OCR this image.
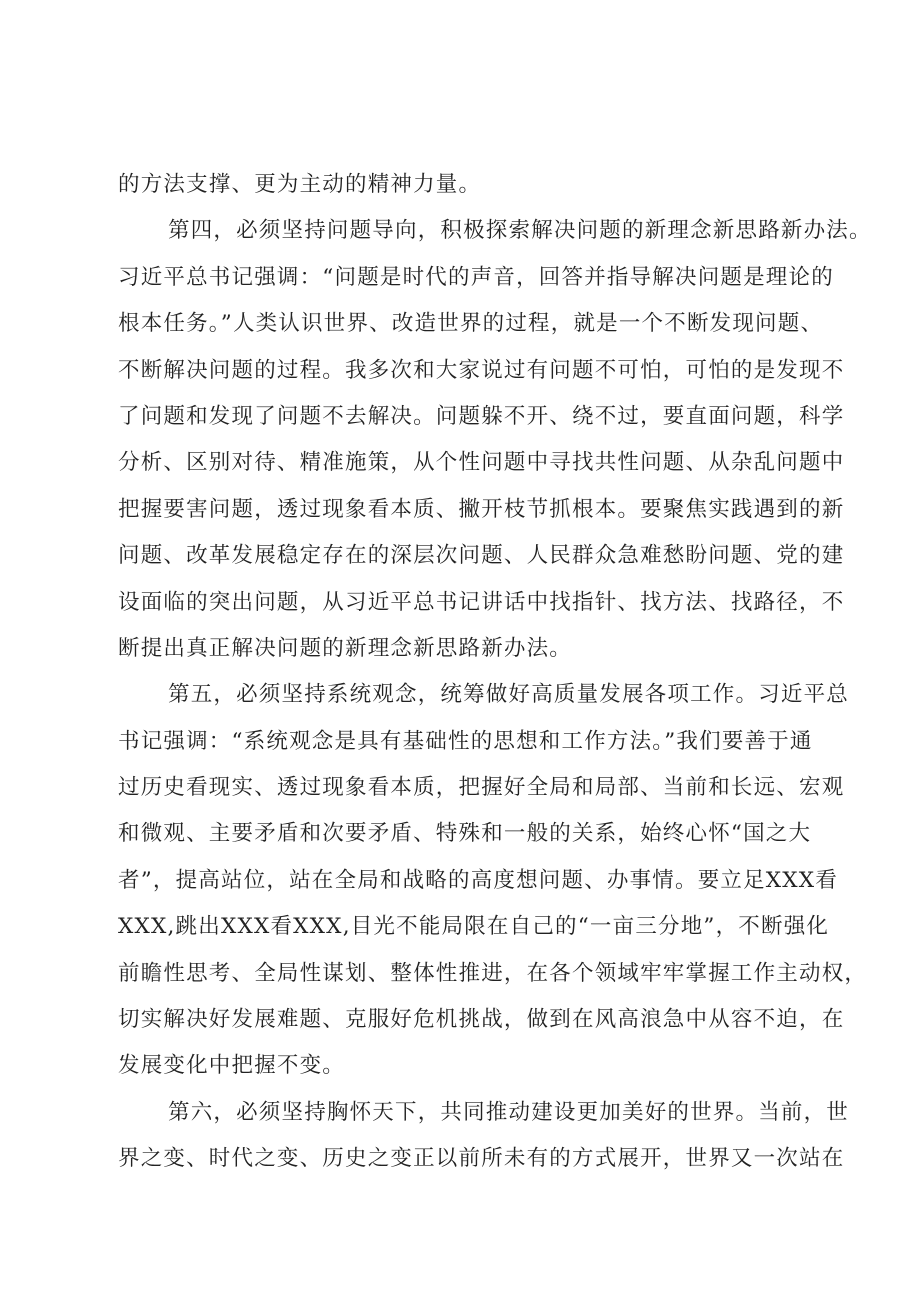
的方法支撑、更为主动的精神力量。
第四，必须坚持问题导向，积极探索解决问题的新理念新思路新办法。
习近平总书记强调：“问题是时代的声音，回答并指导解决问题是理论的
根本任务。”人类认识世界、改造世界的过程，就是一个不断发现问题、
不断解决问题的过程。我多次和大家说过有问题不可怕，可怕的是发现不
了问题和发现了问题不去解决。问题躲不开、绕不过，要直面问题，科学
分析、区别对待、精准施策，从个性问题中寻找共性问题、从杂乱问题中
把握要害问题，透过现象看本质、撇开枝节抓根本。要聚焦实践遇到的新
问题、改革发展稳定存在的深层次问题、人民群众急难愁盼问题、党的建
设面临的突出问题，从习近平总书记讲话中找指针、找方法、找路径，不
断提出真正解决问题的新理念新思路新办法。
第五，必须坚持系统观念，统筹做好高质量发展各项工作。习近平总
书记强调：“系统观念是具有基础性的思想和工作方法。”我们要善于通
过历史看现实、透过现象看本质，把握好全局和局部、当前和长远、宏观
和微观、主要矛盾和次要矛盾、特殊和一般的关系，始终心怀“国之大
者”，提高站位，站在全局和战略的高度想问题、办事情。要立足XXX看
XXX,跳出XXX看XXX,目光不能局限在自己的“一亩三分地”，不断强化
前瞻性思考、全局性谋划、整体性推进，在各个领域牢牢掌握工作主动权，
切实解决好发展难题、克服好危机挑战，做到在风高浪急中从容不迫，在
发展变化中把握不变。
第六，必须坚持胸怀天下，共同推动建设更加美好的世界。当前，世
界之变、时代之变、历史之变正以前所未有的方式展开，世界又一次站在
